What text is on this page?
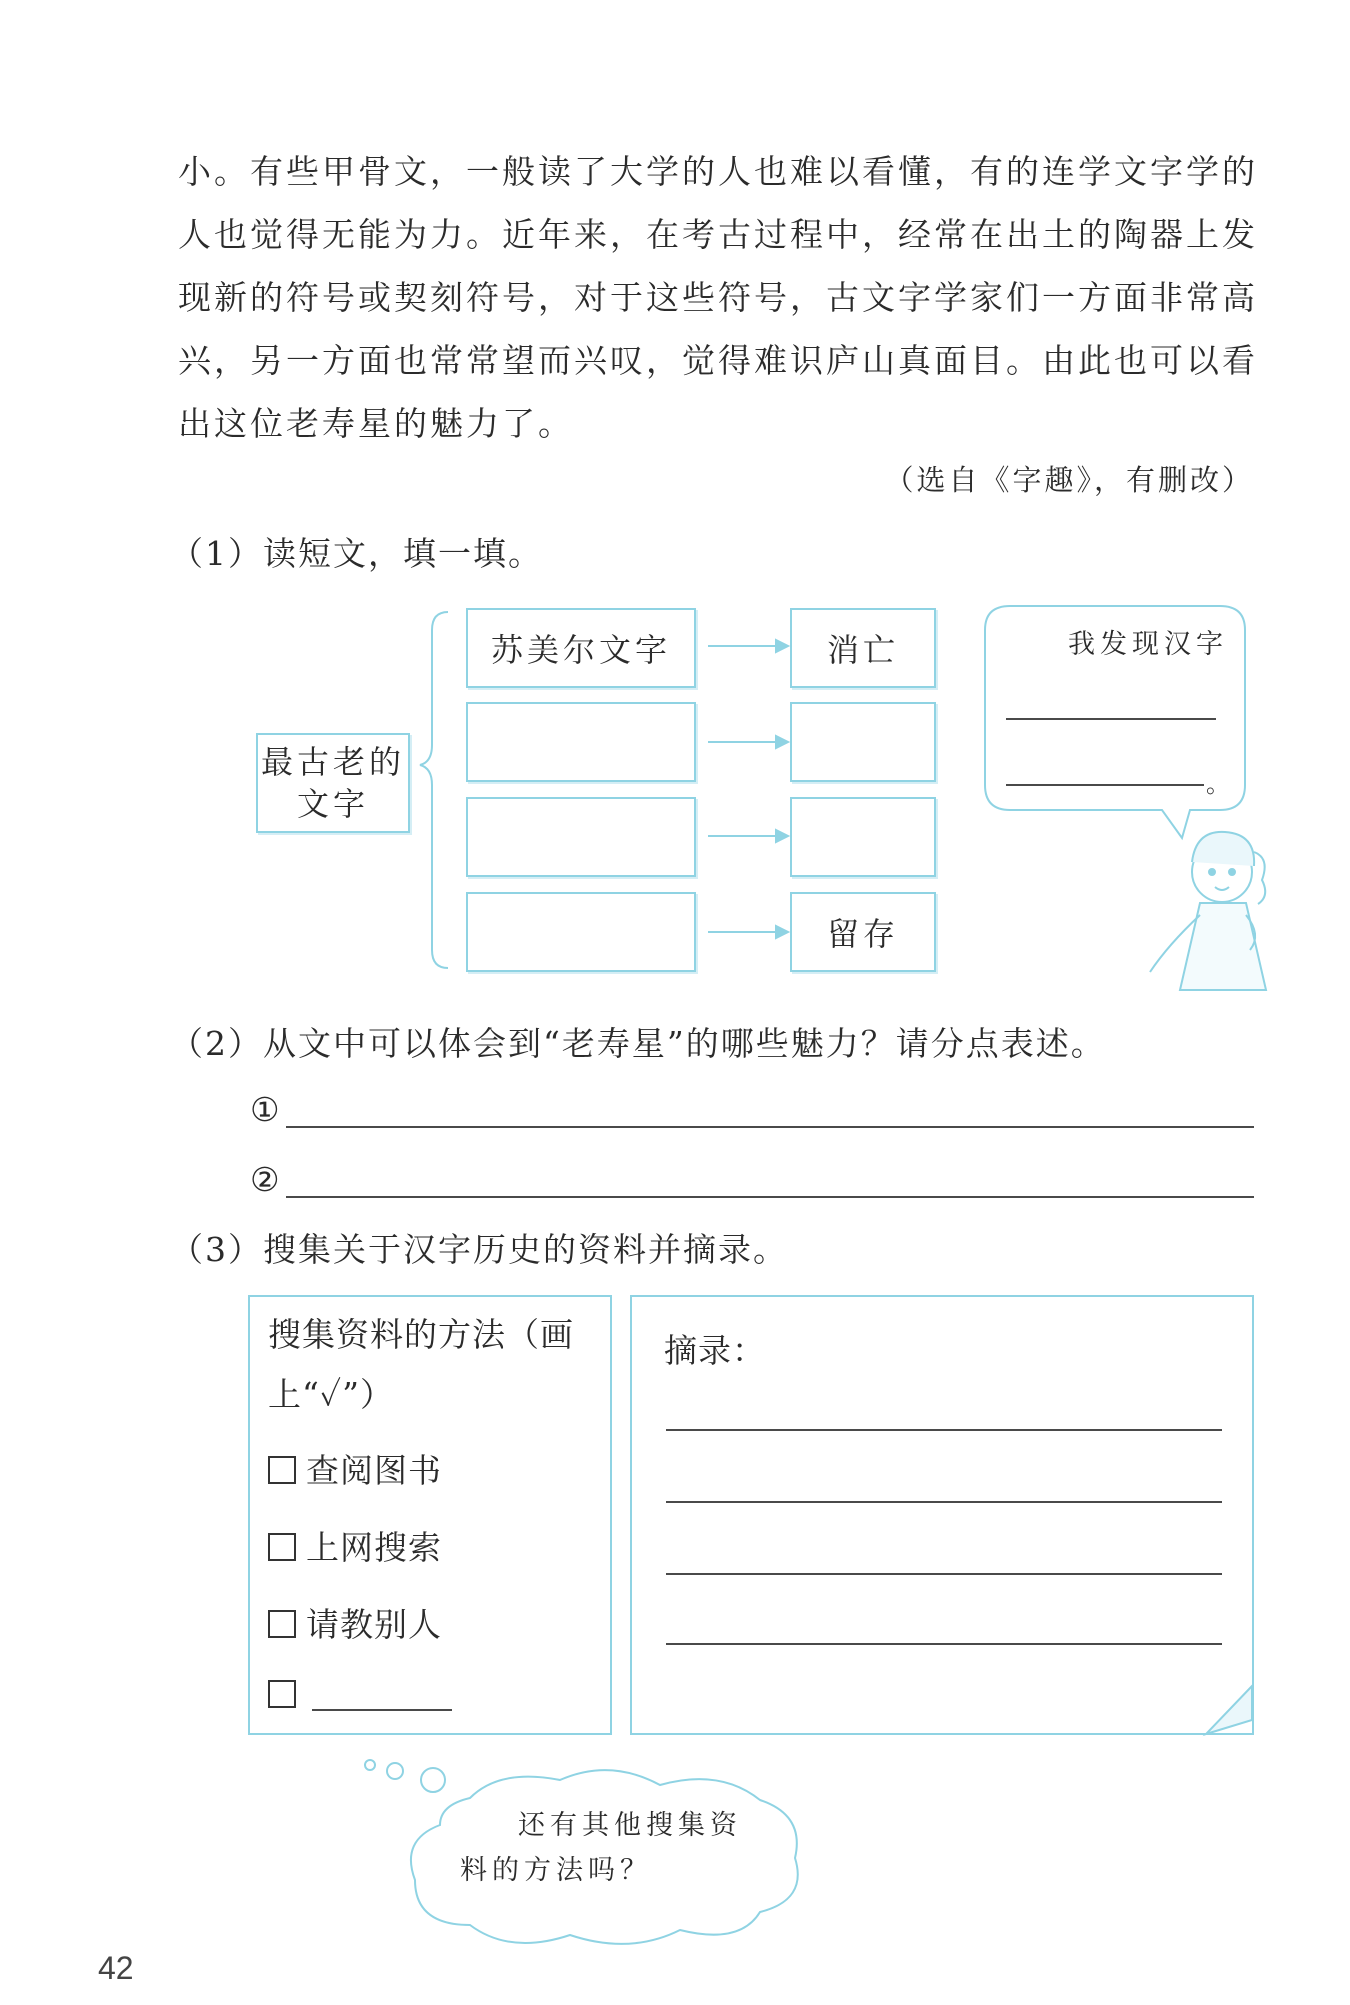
小。有些甲骨文，一般读了大学的人也难以看懂，有的连学文字学的
人也觉得无能为力。近年来，在考古过程中，经常在出土的陶器上发
现新的符号或契刻符号，对于这些符号，古文字学家们一方面非常高
兴，另一方面也常常望而兴叹，觉得难识庐山真面目。由此也可以看
出这位老寿星的魅力了。
（选自《字趣》，有删改）
（1）读短文，填一填。
最古老的
文字
苏美尔文字	消亡
留存
我发现汉字
。
（2）从文中可以体会到“老寿星”的哪些魅力？请分点表述。
①
②
（3）搜集关于汉字历史的资料并摘录。
搜集资料的方法（画
上“✓”）
查阅图书
上网搜索
请教别人
摘录：
还有其他搜集资
料的方法吗？
42
